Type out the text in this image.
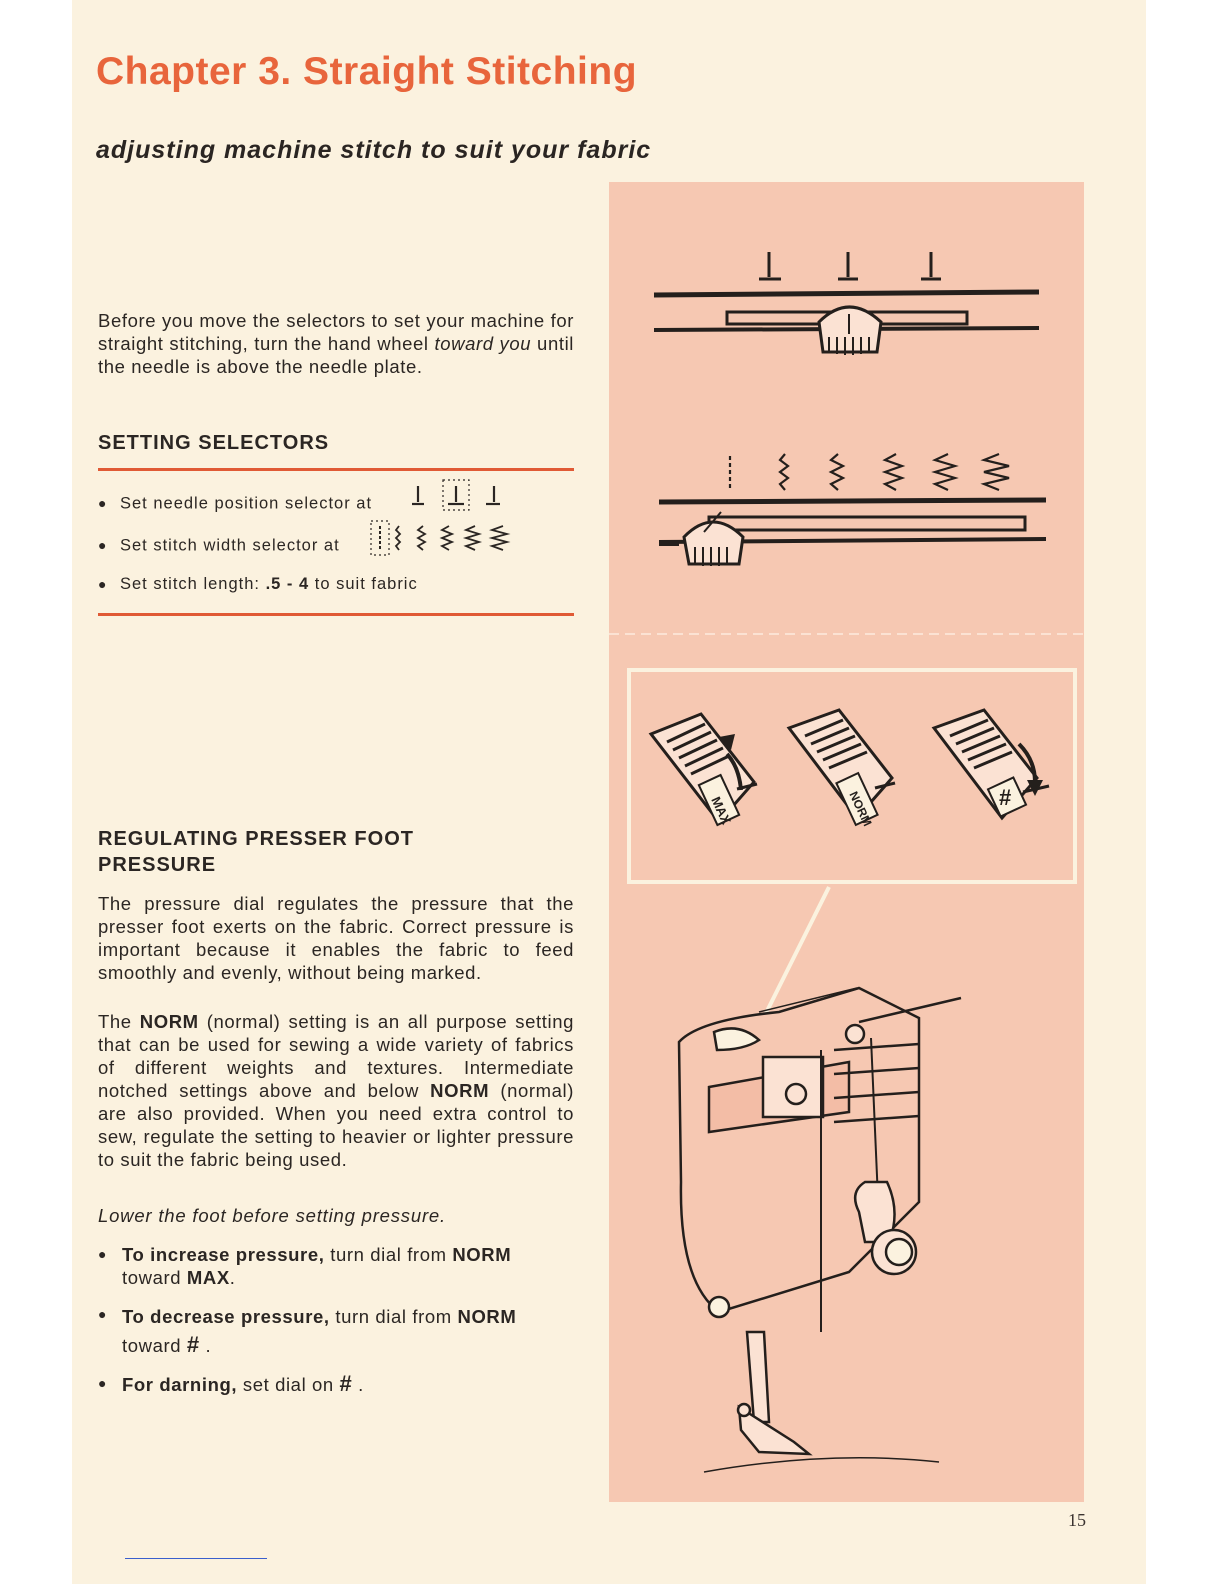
Chapter 3. Straight Stitching
adjusting machine stitch to suit your fabric

Before you move the selectors to set your machine for straight stitching, turn the hand wheel toward you until the needle is above the needle plate.

SETTING SELECTORS
● Set needle position selector at
● Set stitch width selector at
● Set stitch length: .5 - 4 to suit fabric
REGULATING PRESSER FOOT
PRESSURE

The pressure dial regulates the pressure that the presser foot exerts on the fabric. Correct pressure is important because it enables the fabric to feed smoothly and evenly, without being marked.

The NORM (normal) setting is an all purpose setting that can be used for sewing a wide variety of fabrics of different weights and textures. Intermediate notched settings above and below NORM (normal) are also provided. When you need extra control to sew, regulate the setting to heavier or lighter pressure to suit the fabric being used.

Lower the foot before setting pressure.
● To increase pressure, turn dial from NORM
toward MAX.
● To decrease pressure, turn dial from NORM
toward # .
● For darning, set dial on # .
MAX	NORM	#
15
